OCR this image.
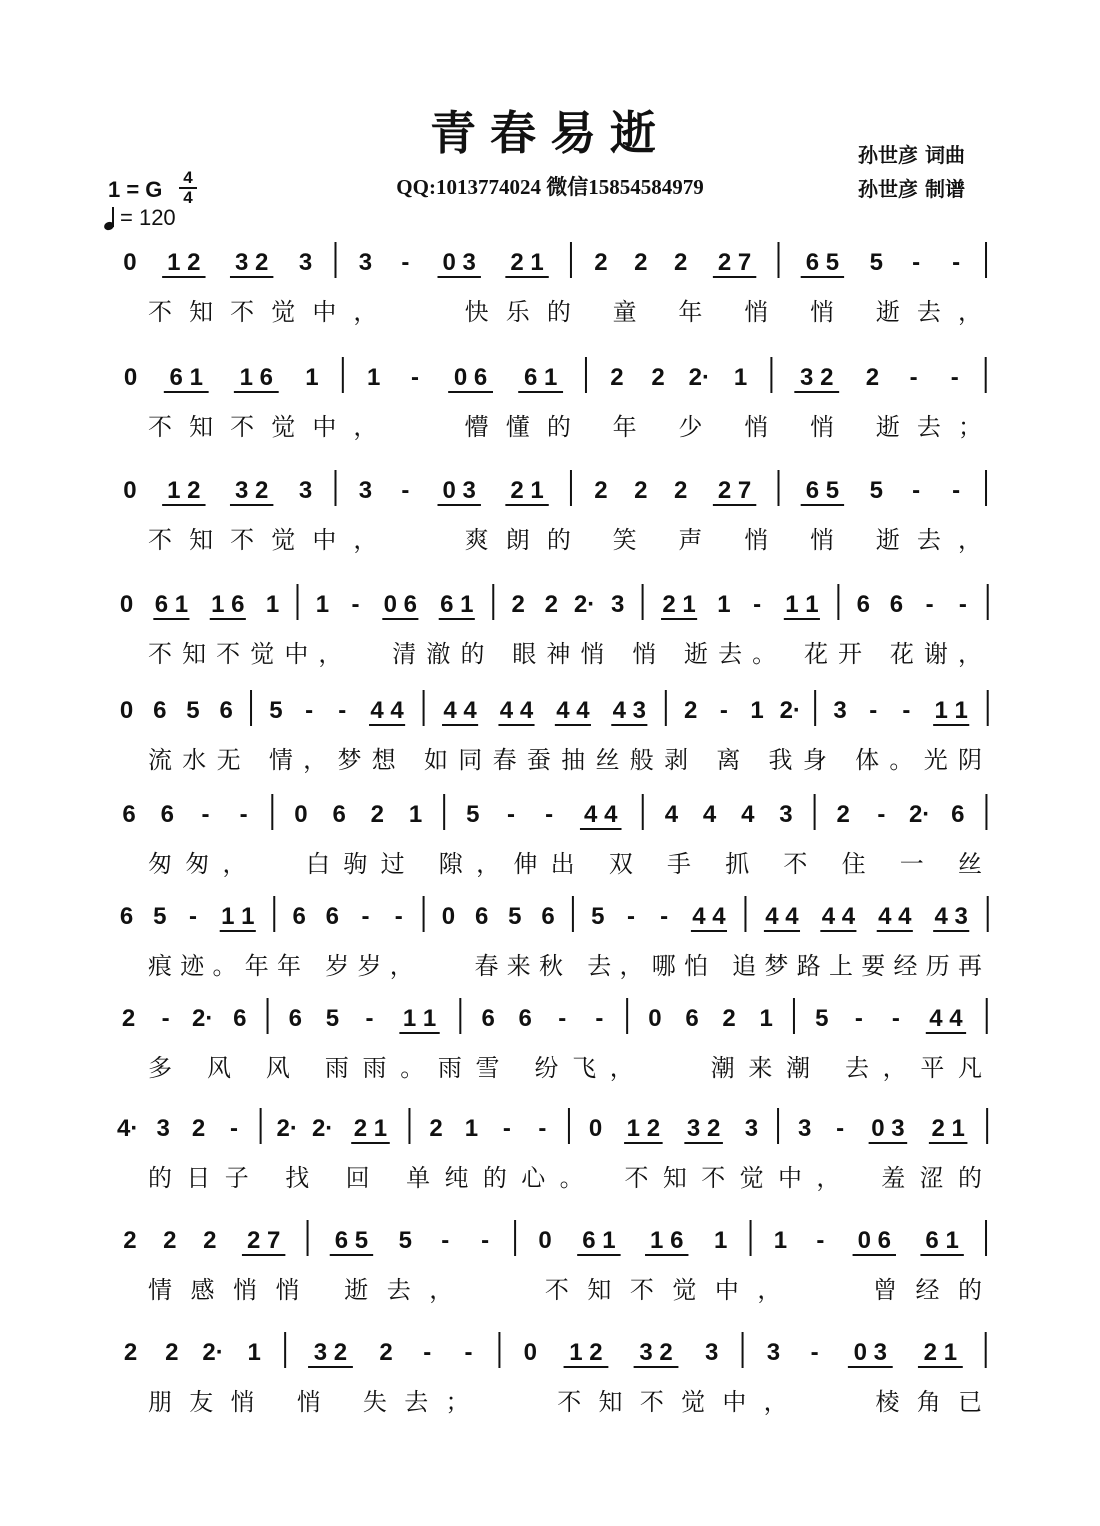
青春易逝	孙世彦 词曲
孙世彦 制谱
QQ:1013774024 微信15854584979
1 = G	4
4
= 120
0 1 2 3 2 3 3 - 0 3 2 1 2 2 2 2 7 6 5 5 - -
不知不觉中，　　快乐的 童 年 悄 悄 逝去，
0 6 1 1 6 1 1 - 0 6 6 1 2 2 2· 1 3 2 2 - -
不知不觉中，　　懵懂的 年 少 悄 悄 逝去；
0 1 2 3 2 3 3 - 0 3 2 1 2 2 2 2 7 6 5 5 - -
不知不觉中，　　爽朗的 笑 声 悄 悄 逝去，
0 6 1 1 6 1 1 - 0 6 6 1 2 2 2· 3 2 1 1 - 1 1 6 6 - -
不知不觉中，　 清澈的 眼神悄 悄 逝去。 花开 花谢，
0 6 5 6 5 - - 4 4 4 4 4 4 4 4 4 3 2 - 1 2· 3 - - 1 1
流水无 情，梦想 如同春蚕抽丝般剥 离 我身 体。光阴
6 6 - - 0 6 2 1 5 - - 4 4 4 4 4 3 2 - 2· 6
匆匆，　 白驹过 隙，伸出 双 手 抓 不 住 一 丝
6 5 - 1 1 6 6 - - 0 6 5 6 5 - - 4 4 4 4 4 4 4 4 4 3
痕迹。年年 岁岁，　　春来秋 去，哪怕 追梦路上要经历再
2 - 2· 6 6 5 - 1 1 6 6 - - 0 6 2 1 5 - - 4 4
多 风 风 雨雨。雨雪 纷飞，　　潮来潮 去，平凡
4· 3 2 - 2· 2· 2 1 2 1 - - 0 1 2 3 2 3 3 - 0 3 2 1
的日子 找 回 单纯的心。　不知不觉中，　羞涩的
2 2 2 2 7 6 5 5 - - 0 6 1 1 6 1 1 - 0 6 6 1
情感悄悄 逝去，　　不知不觉中，　　曾经的
2 2 2· 1 3 2 2 - - 0 1 2 3 2 3 3 - 0 3 2 1
朋友悄 悄 失去；　　不知不觉中，　　棱角已
